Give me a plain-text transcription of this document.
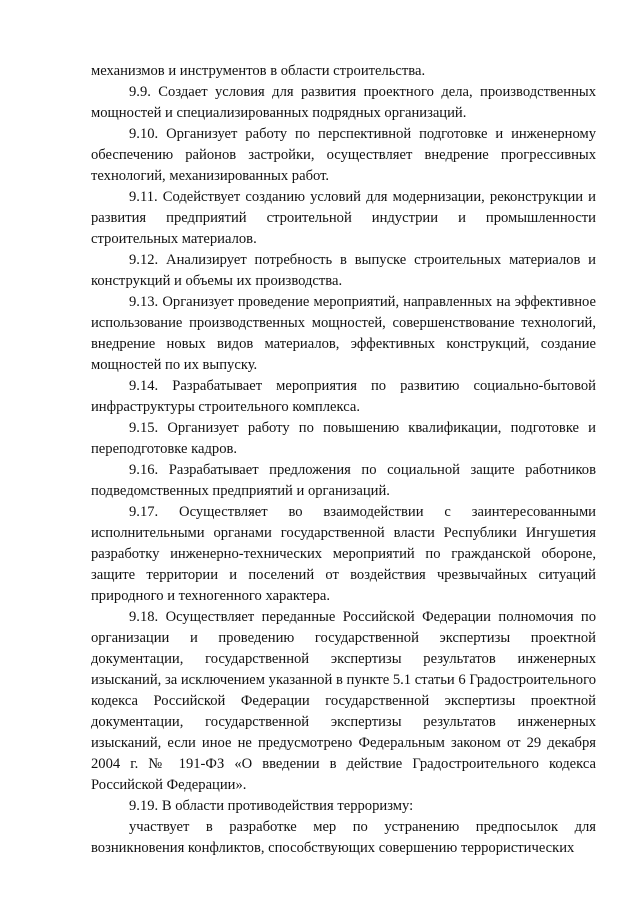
механизмов и инструментов в области строительства.

9.9. Создает условия для развития проектного дела, производственных мощностей и специализированных подрядных организаций.

9.10. Организует работу по перспективной подготовке и инженерному обеспечению районов застройки, осуществляет внедрение прогрессивных технологий, механизированных работ.

9.11. Содействует созданию условий для модернизации, реконструкции и развития предприятий строительной индустрии и промышленности строительных материалов.

9.12. Анализирует потребность в выпуске строительных материалов и конструкций и объемы их производства.

9.13. Организует проведение мероприятий, направленных на эффективное использование производственных мощностей, совершенствование технологий, внедрение новых видов материалов, эффективных конструкций, создание мощностей по их выпуску.

9.14. Разрабатывает мероприятия по развитию социально-бытовой инфраструктуры строительного комплекса.

9.15. Организует работу по повышению квалификации, подготовке и переподготовке кадров.

9.16. Разрабатывает предложения по социальной защите работников подведомственных предприятий и организаций.

9.17. Осуществляет во взаимодействии с заинтересованными исполнительными органами государственной власти Республики Ингушетия разработку инженерно-технических мероприятий по гражданской обороне, защите территории и поселений от воздействия чрезвычайных ситуаций природного и техногенного характера.

9.18. Осуществляет переданные Российской Федерации полномочия по организации и проведению государственной экспертизы проектной документации, государственной экспертизы результатов инженерных изысканий, за исключением указанной в пункте 5.1 статьи 6 Градостроительного кодекса Российской Федерации государственной экспертизы проектной документации, государственной экспертизы результатов инженерных изысканий, если иное не предусмотрено Федеральным законом от 29 декабря 2004 г. № 191-ФЗ «О введении в действие Градостроительного кодекса Российской Федерации».

9.19. В области противодействия терроризму:

участвует в разработке мер по устранению предпосылок для возникновения конфликтов, способствующих совершению террористических
